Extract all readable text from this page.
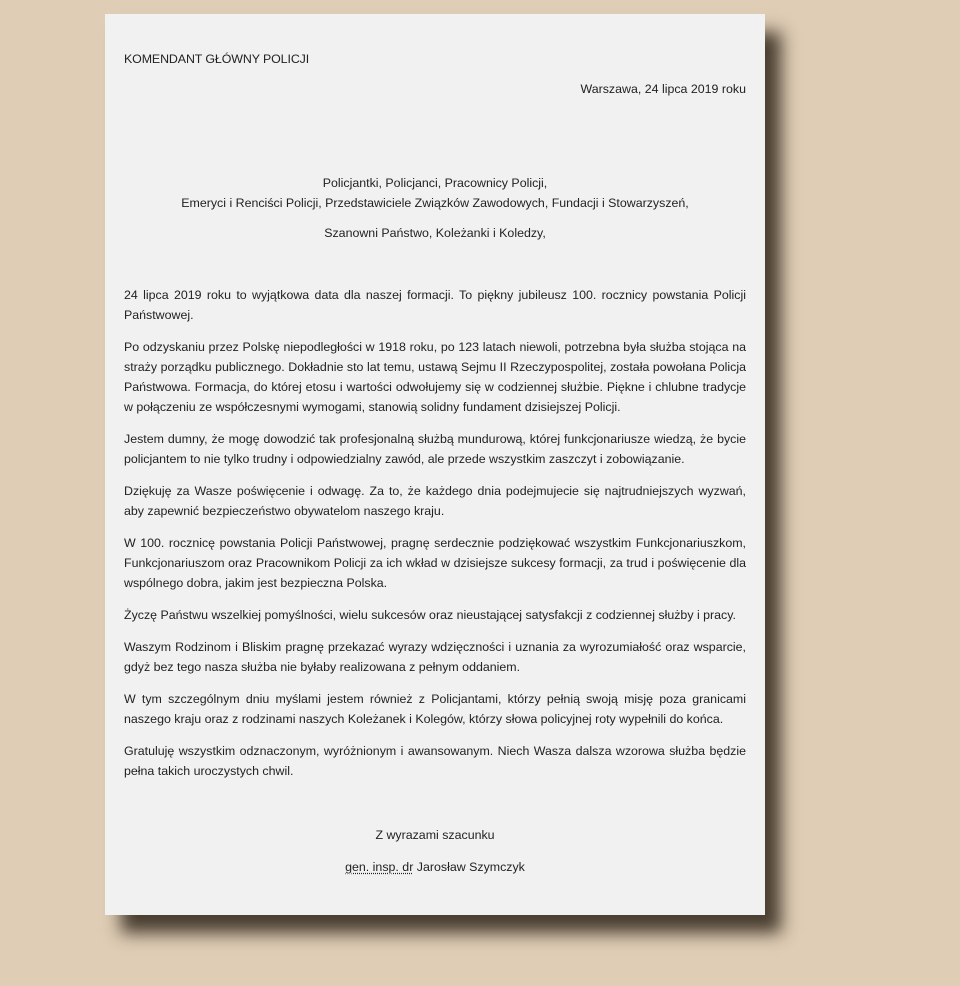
KOMENDANT GŁÓWNY POLICJI

Warszawa, 24 lipca 2019 roku

Policjantki, Policjanci, Pracownicy Policji,
Emeryci i Renciści Policji, Przedstawiciele Związków Zawodowych, Fundacji i Stowarzyszeń,

Szanowni Państwo, Koleżanki i Koledzy,

24 lipca 2019 roku to wyjątkowa data dla naszej formacji. To piękny jubileusz 100. rocznicy powstania Policji Państwowej.

Po odzyskaniu przez Polskę niepodległości w 1918 roku, po 123 latach niewoli, potrzebna była służba stojąca na straży porządku publicznego. Dokładnie sto lat temu, ustawą Sejmu II Rzeczypospolitej, została powołana Policja Państwowa. Formacja, do której etosu i wartości odwołujemy się w codziennej służbie. Piękne i chlubne tradycje w połączeniu ze współczesnymi wymogami, stanowią solidny fundament dzisiejszej Policji.

Jestem dumny, że mogę dowodzić tak profesjonalną służbą mundurową, której funkcjonariusze wiedzą, że bycie policjantem to nie tylko trudny i odpowiedzialny zawód, ale przede wszystkim zaszczyt i zobowiązanie.

Dziękuję za Wasze poświęcenie i odwagę. Za to, że każdego dnia podejmujecie się najtrudniejszych wyzwań, aby zapewnić bezpieczeństwo obywatelom naszego kraju.

W 100. rocznicę powstania Policji Państwowej, pragnę serdecznie podziękować wszystkim Funkcjonariuszkom, Funkcjonariuszom oraz Pracownikom Policji za ich wkład w dzisiejsze sukcesy formacji, za trud i poświęcenie dla wspólnego dobra, jakim jest bezpieczna Polska.

Życzę Państwu wszelkiej pomyślności, wielu sukcesów oraz nieustającej satysfakcji z codziennej służby i pracy.

Waszym Rodzinom i Bliskim pragnę przekazać wyrazy wdzięczności i uznania za wyrozumiałość oraz wsparcie, gdyż bez tego nasza służba nie byłaby realizowana z pełnym oddaniem.

W tym szczególnym dniu myślami jestem również z Policjantami, którzy pełnią swoją misję poza granicami naszego kraju oraz z rodzinami naszych Koleżanek i Kolegów, którzy słowa policyjnej roty wypełnili do końca.

Gratuluję wszystkim odznaczonym, wyróżnionym i awansowanym. Niech Wasza dalsza wzorowa służba będzie pełna takich uroczystych chwil.

Z wyrazami szacunku

gen. insp. dr Jarosław Szymczyk
